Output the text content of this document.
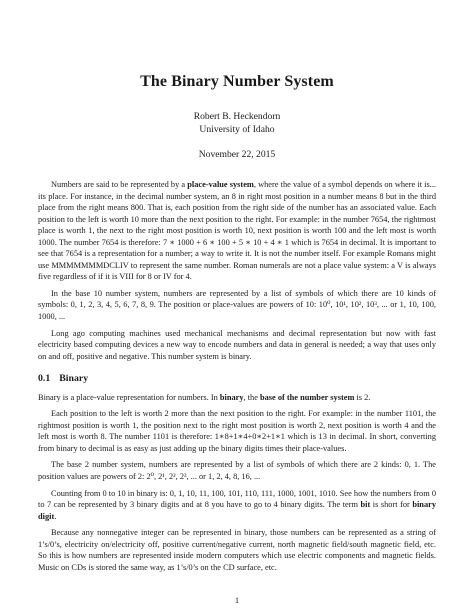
The Binary Number System

Robert B. Heckendorn

University of Idaho

November 22, 2015

Numbers are said to be represented by a place-value system, where the value of a symbol depends on where it is... its place. For instance, in the decimal number system, an 8 in right most position in a number means 8 but in the third place from the right means 800. That is, each position from the right side of the number has an associated value. Each position to the left is worth 10 more than the next position to the right. For example: in the number 7654, the rightmost place is worth 1, the next to the right most position is worth 10, next position is worth 100 and the left most is worth 1000. The number 7654 is therefore: 7 ∗ 1000 + 6 ∗ 100 + 5 ∗ 10 + 4 ∗ 1 which is 7654 in decimal. It is important to see that 7654 is a representation for a number; a way to write it. It is not the number itself. For example Romans might use MMMMMMMDCLIV to represent the same number. Roman numerals are not a place value system: a V is always five regardless of if it is VIII for 8 or IV for 4.

In the base 10 number system, numbers are represented by a list of symbols of which there are 10 kinds of symbols: 0, 1, 2, 3, 4, 5, 6, 7, 8, 9. The position or place-values are powers of 10: 10⁰, 10¹, 10², 10³, ... or 1, 10, 100, 1000, ...

Long ago computing machines used mechanical mechanisms and decimal representation but now with fast electricity based computing devices a new way to encode numbers and data in general is needed; a way that uses only on and off, positive and negative. This number system is binary.

0.1 Binary

Binary is a place-value representation for numbers. In binary, the base of the number system is 2.

Each position to the left is worth 2 more than the next position to the right. For example: in the number 1101, the rightmost position is worth 1, the position next to the right most position is worth 2, next position is worth 4 and the left most is worth 8. The number 1101 is therefore: 1∗8+1∗4+0∗2+1∗1 which is 13 in decimal. In short, converting from binary to decimal is as easy as just adding up the binary digits times their place-values.

The base 2 number system, numbers are represented by a list of symbols of which there are 2 kinds: 0, 1. The position values are powers of 2: 2⁰, 2¹, 2², 2³, ... or 1, 2, 4, 8, 16, ...

Counting from 0 to 10 in binary is: 0, 1, 10, 11, 100, 101, 110, 111, 1000, 1001, 1010. See how the numbers from 0 to 7 can be represented by 3 binary digits and at 8 you have to go to 4 binary digits. The term bit is short for binary digit.

Because any nonnegative integer can be represented in binary, those numbers can be represented as a string of 1’s/0’s, electricity on/electricity off, positive current/negative current, north magnetic field/south magnetic field, etc. So this is how numbers are represented inside modern computers which use electric components and magnetic fields. Music on CDs is stored the same way, as 1’s/0’s on the CD surface, etc.

1
